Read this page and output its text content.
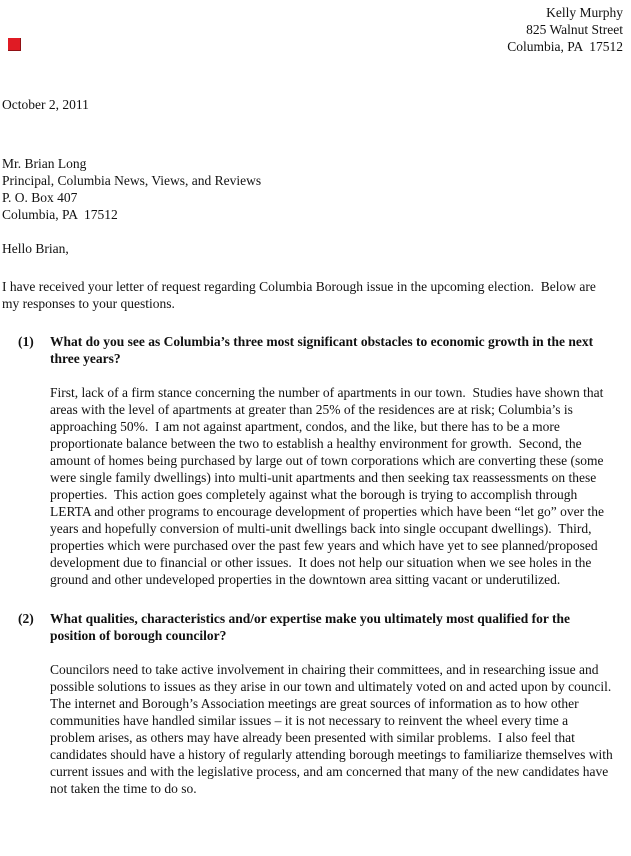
Kelly Murphy
825 Walnut Street
Columbia, PA  17512
October 2, 2011
Mr. Brian Long
Principal, Columbia News, Views, and Reviews
P. O. Box 407
Columbia, PA  17512
Hello Brian,
I have received your letter of request regarding Columbia Borough issue in the upcoming election.  Below are my responses to your questions.
(1)	What do you see as Columbia’s three most significant obstacles to economic growth in the next three years?
First, lack of a firm stance concerning the number of apartments in our town.  Studies have shown that areas with the level of apartments at greater than 25% of the residences are at risk; Columbia’s is approaching 50%.  I am not against apartment, condos, and the like, but there has to be a more proportionate balance between the two to establish a healthy environment for growth.  Second, the amount of homes being purchased by large out of town corporations which are converting these (some were single family dwellings) into multi-unit apartments and then seeking tax reassessments on these properties.  This action goes completely against what the borough is trying to accomplish through LERTA and other programs to encourage development of properties which have been “let go” over the years and hopefully conversion of multi-unit dwellings back into single occupant dwellings).  Third, properties which were purchased over the past few years and which have yet to see planned/proposed development due to financial or other issues.  It does not help our situation when we see holes in the ground and other undeveloped properties in the downtown area sitting vacant or underutilized.
(2)	What qualities, characteristics and/or expertise make you ultimately most qualified for the position of borough councilor?
Councilors need to take active involvement in chairing their committees, and in researching issue and possible solutions to issues as they arise in our town and ultimately voted on and acted upon by council.  The internet and Borough’s Association meetings are great sources of information as to how other communities have handled similar issues – it is not necessary to reinvent the wheel every time a problem arises, as others may have already been presented with similar problems.  I also feel that candidates should have a history of regularly attending borough meetings to familiarize themselves with current issues and with the legislative process, and am concerned that many of the new candidates have not taken the time to do so.
